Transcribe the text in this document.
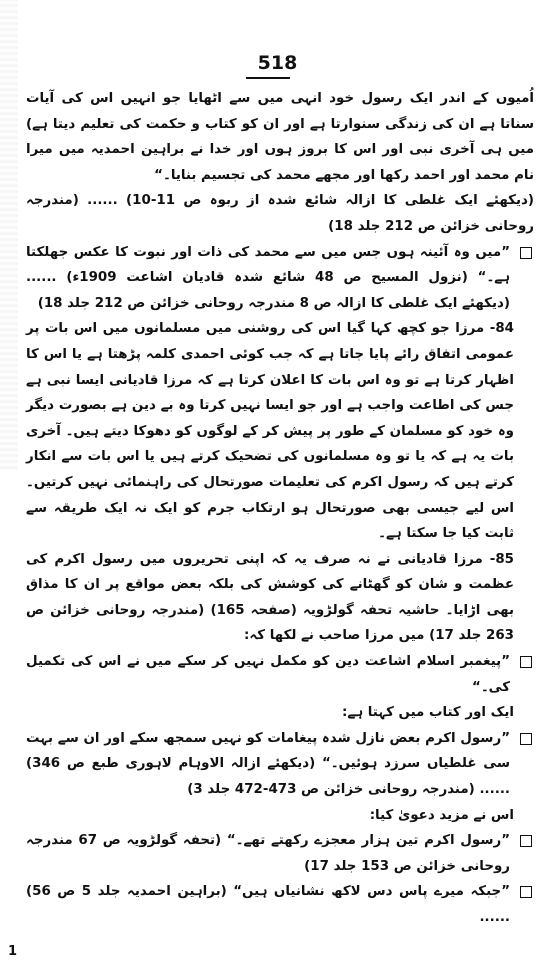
518

اُمیوں کے اندر ایک رسول خود انہی میں سے اٹھایا جو انہیں اس کی آیات سناتا ہے ان کی زندگی سنوارتا ہے اور ان کو کتاب و حکمت کی تعلیم دیتا ہے) میں ہی آخری نبی اور اس کا بروز ہوں اور خدا نے براہین احمدیہ میں میرا نام محمد اور احمد رکھا اور مجھے محمد کی تجسیم بنایا۔“

(دیکھئے ایک غلطی کا ازالہ شائع شدہ از ربوہ ص 11-10) ...... (مندرجہ روحانی خزائن ص 212 جلد 18)

”میں وہ آئینہ ہوں جس میں سے محمد کی ذات اور نبوت کا عکس جھلکتا ہے۔“ (نزول المسیح ص 48 شائع شدہ قادیان اشاعت 1909ء) ...... (دیکھئے ایک غلطی کا ازالہ ص 8 مندرجہ روحانی خزائن ص 212 جلد 18)

84- مرزا جو کچھ کہا گیا اس کی روشنی میں مسلمانوں میں اس بات پر عمومی اتفاق رائے پایا جاتا ہے کہ جب کوئی احمدی کلمہ پڑھتا ہے یا اس کا اظہار کرتا ہے تو وہ اس بات کا اعلان کرتا ہے کہ مرزا قادیانی ایسا نبی ہے جس کی اطاعت واجب ہے اور جو ایسا نہیں کرتا وہ بے دین ہے بصورت دیگر وہ خود کو مسلمان کے طور پر پیش کر کے لوگوں کو دھوکا دیتے ہیں۔ آخری بات یہ ہے کہ یا تو وہ مسلمانوں کی تضحیک کرتے ہیں یا اس بات سے انکار کرتے ہیں کہ رسول اکرم کی تعلیمات صورتحال کی راہنمائی نہیں کرتیں۔ اس لیے جیسی بھی صورتحال ہو ارتکاب جرم کو ایک نہ ایک طریقہ سے ثابت کیا جا سکتا ہے۔

85- مرزا قادیانی نے نہ صرف یہ کہ اپنی تحریروں میں رسول اکرم کی عظمت و شان کو گھٹانے کی کوشش کی بلکہ بعض مواقع پر ان کا مذاق بھی اڑایا۔ حاشیہ تحفہ گولڑویہ (صفحہ 165) (مندرجہ روحانی خزائن ص 263 جلد 17) میں مرزا صاحب نے لکھا کہ:

”پیغمبر اسلام اشاعت دین کو مکمل نہیں کر سکے میں نے اس کی تکمیل کی۔“

ایک اور کتاب میں کہتا ہے:

”رسول اکرم بعض نازل شدہ پیغامات کو نہیں سمجھ سکے اور ان سے بہت سی غلطیاں سرزد ہوئیں۔“ (دیکھئے ازالہ الاوہام لاہوری طبع ص 346) ...... (مندرجہ روحانی خزائن ص 473-472 جلد 3)

اس نے مزید دعویٰ کیا:

”رسول اکرم تین ہزار معجزے رکھتے تھے۔“ (تحفہ گولڑویہ ص 67 مندرجہ روحانی خزائن ص 153 جلد 17)

”جبکہ میرے پاس دس لاکھ نشانیاں ہیں“ (براہین احمدیہ جلد 5 ص 56) ......

1
